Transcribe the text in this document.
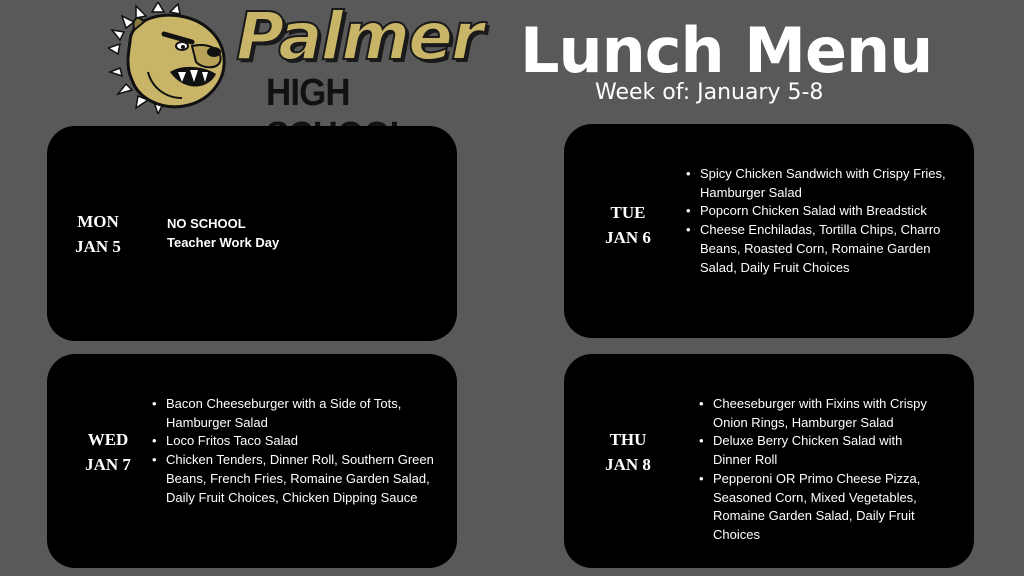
Palmer
HIGH
Lunch Menu
Week of: January 5-8
MON
JAN 5
NO SCHOOL
Teacher Work Day
TUE
JAN 6
• Spicy Chicken Sandwich with Crispy Fries, Hamburger Salad
• Popcorn Chicken Salad with Breadstick
• Cheese Enchiladas, Tortilla Chips, Charro Beans, Roasted Corn, Romaine Garden Salad, Daily Fruit Choices
WED
JAN 7
• Bacon Cheeseburger with a Side of Tots, Hamburger Salad
• Loco Fritos Taco Salad
• Chicken Tenders, Dinner Roll, Southern Green Beans, French Fries, Romaine Garden Salad, Daily Fruit Choices, Chicken Dipping Sauce
THU
JAN 8
• Cheeseburger with Fixins with Crispy Onion Rings, Hamburger Salad
• Deluxe Berry Chicken Salad with Dinner Roll
• Pepperoni OR Primo Cheese Pizza, Seasoned Corn, Mixed Vegetables, Romaine Garden Salad, Daily Fruit Choices
